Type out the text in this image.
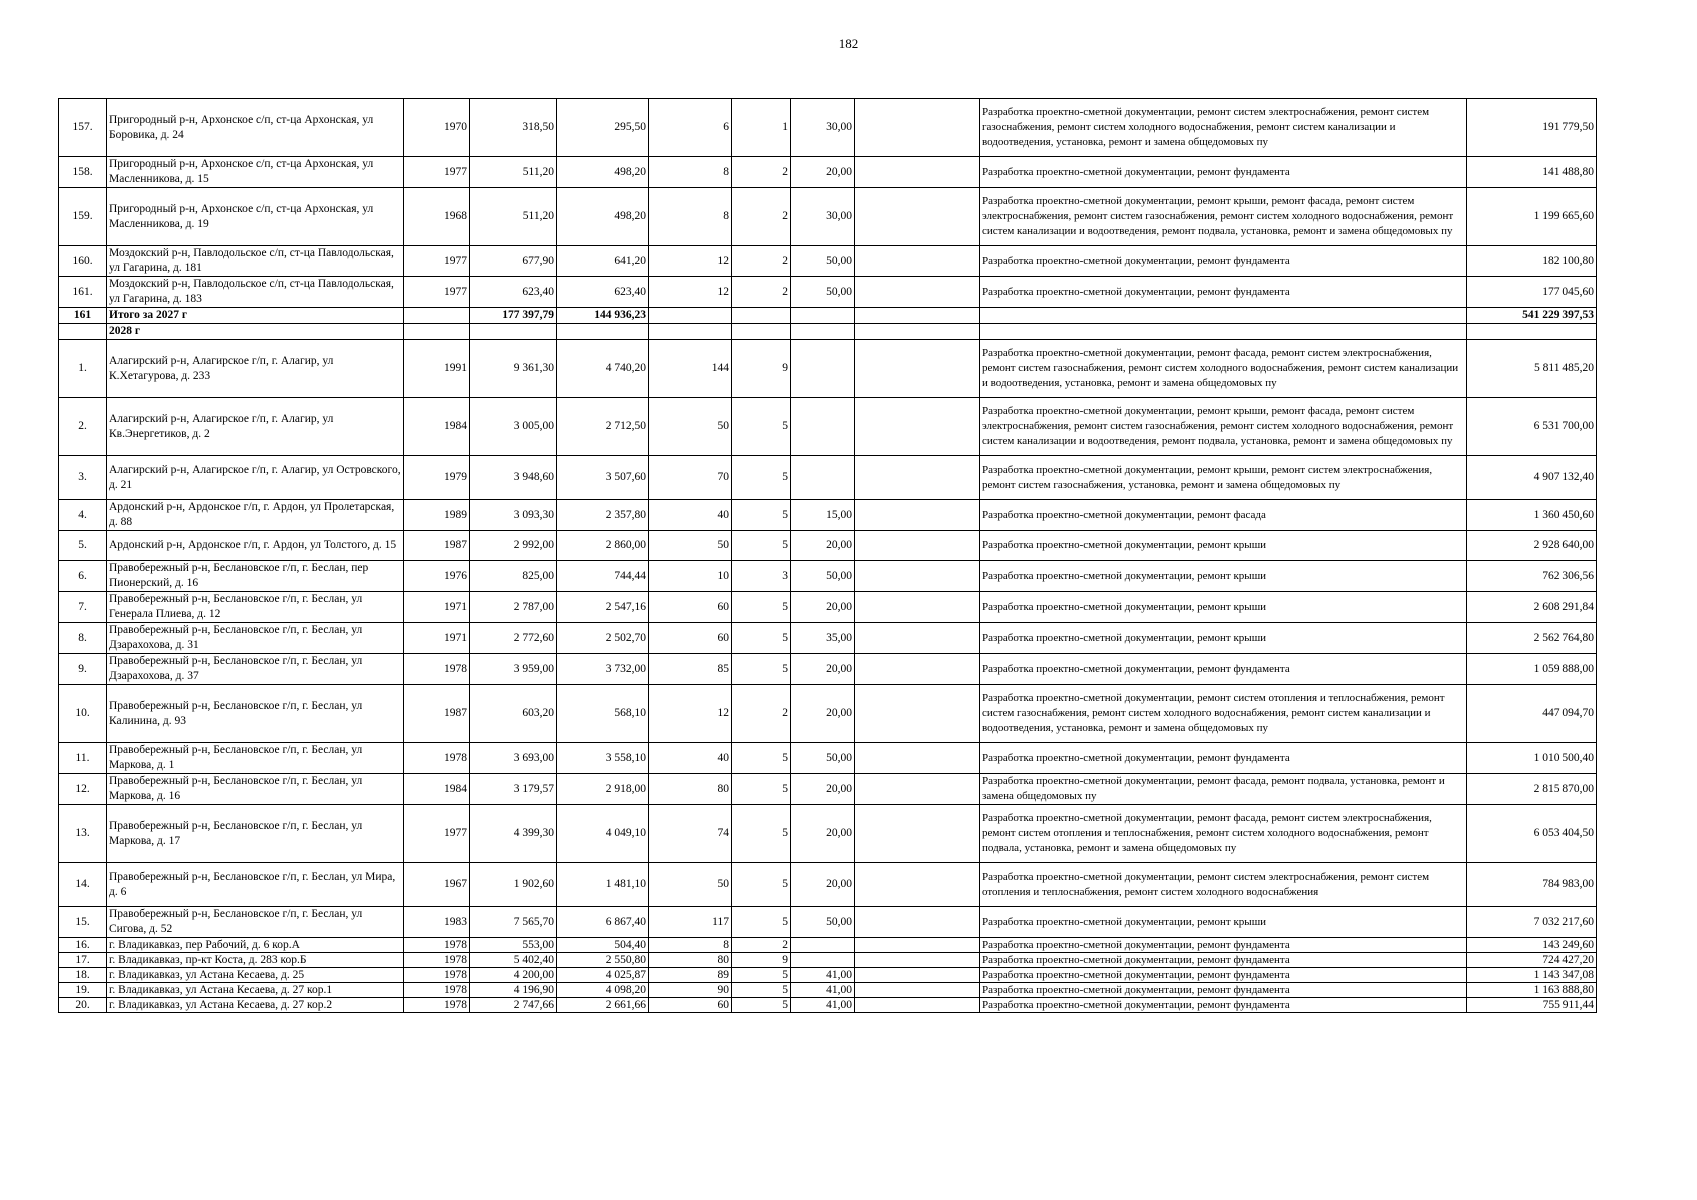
182
157.	Пригородный р-н, Архонское с/п, ст-ца Архонская, ул Боровика, д. 24	1970	318,50	295,50	6	1	30,00		Разработка проектно-сметной документации, ремонт систем электроснабжения, ремонт систем газоснабжения, ремонт систем холодного водоснабжения, ремонт систем канализации и водоотведения, установка, ремонт и замена общедомовых пу	191 779,50
158.	Пригородный р-н, Архонское с/п, ст-ца Архонская, ул Масленникова, д. 15	1977	511,20	498,20	8	2	20,00		Разработка проектно-сметной документации, ремонт фундамента	141 488,80
159.	Пригородный р-н, Архонское с/п, ст-ца Архонская, ул Масленникова, д. 19	1968	511,20	498,20	8	2	30,00		Разработка проектно-сметной документации, ремонт крыши, ремонт фасада, ремонт систем электроснабжения, ремонт систем газоснабжения, ремонт систем холодного водоснабжения, ремонт систем канализации и водоотведения, ремонт подвала, установка, ремонт и замена общедомовых пу	1 199 665,60
160.	Моздокский р-н, Павлодольское с/п, ст-ца Павлодольская, ул Гагарина, д. 181	1977	677,90	641,20	12	2	50,00		Разработка проектно-сметной документации, ремонт фундамента	182 100,80
161.	Моздокский р-н, Павлодольское с/п, ст-ца Павлодольская, ул Гагарина, д. 183	1977	623,40	623,40	12	2	50,00		Разработка проектно-сметной документации, ремонт фундамента	177 045,60
161	Итого за 2027 г		177 397,79	144 936,23						541 229 397,53
	2028 г									
1.	Алагирский р-н, Алагирское г/п, г. Алагир, ул К.Хетагурова, д. 233	1991	9 361,30	4 740,20	144	9			Разработка проектно-сметной документации, ремонт фасада, ремонт систем электроснабжения, ремонт систем газоснабжения, ремонт систем холодного водоснабжения, ремонт систем канализации и водоотведения, установка, ремонт и замена общедомовых пу	5 811 485,20
2.	Алагирский р-н, Алагирское г/п, г. Алагир, ул Кв.Энергетиков, д. 2	1984	3 005,00	2 712,50	50	5			Разработка проектно-сметной документации, ремонт крыши, ремонт фасада, ремонт систем электроснабжения, ремонт систем газоснабжения, ремонт систем холодного водоснабжения, ремонт систем канализации и водоотведения, ремонт подвала, установка, ремонт и замена общедомовых пу	6 531 700,00
3.	Алагирский р-н, Алагирское г/п, г. Алагир, ул Островского, д. 21	1979	3 948,60	3 507,60	70	5			Разработка проектно-сметной документации, ремонт крыши, ремонт систем электроснабжения, ремонт систем газоснабжения, установка, ремонт и замена общедомовых пу	4 907 132,40
4.	Ардонский р-н, Ардонское г/п, г. Ардон, ул Пролетарская, д. 88	1989	3 093,30	2 357,80	40	5	15,00		Разработка проектно-сметной документации, ремонт фасада	1 360 450,60
5.	Ардонский р-н, Ардонское г/п, г. Ардон, ул Толстого, д. 15	1987	2 992,00	2 860,00	50	5	20,00		Разработка проектно-сметной документации, ремонт крыши	2 928 640,00
6.	Правобережный р-н, Беслановское г/п, г. Беслан, пер Пионерский, д. 16	1976	825,00	744,44	10	3	50,00		Разработка проектно-сметной документации, ремонт крыши	762 306,56
7.	Правобережный р-н, Беслановское г/п, г. Беслан, ул Генерала Плиева, д. 12	1971	2 787,00	2 547,16	60	5	20,00		Разработка проектно-сметной документации, ремонт крыши	2 608 291,84
8.	Правобережный р-н, Беслановское г/п, г. Беслан, ул Дзарахохова, д. 31	1971	2 772,60	2 502,70	60	5	35,00		Разработка проектно-сметной документации, ремонт крыши	2 562 764,80
9.	Правобережный р-н, Беслановское г/п, г. Беслан, ул Дзарахохова, д. 37	1978	3 959,00	3 732,00	85	5	20,00		Разработка проектно-сметной документации, ремонт фундамента	1 059 888,00
10.	Правобережный р-н, Беслановское г/п, г. Беслан, ул Калинина, д. 93	1987	603,20	568,10	12	2	20,00		Разработка проектно-сметной документации, ремонт систем отопления и теплоснабжения, ремонт систем газоснабжения, ремонт систем холодного водоснабжения, ремонт систем канализации и водоотведения, установка, ремонт и замена общедомовых пу	447 094,70
11.	Правобережный р-н, Беслановское г/п, г. Беслан, ул Маркова, д. 1	1978	3 693,00	3 558,10	40	5	50,00		Разработка проектно-сметной документации, ремонт фундамента	1 010 500,40
12.	Правобережный р-н, Беслановское г/п, г. Беслан, ул Маркова, д. 16	1984	3 179,57	2 918,00	80	5	20,00		Разработка проектно-сметной документации, ремонт фасада, ремонт подвала, установка, ремонт и замена общедомовых пу	2 815 870,00
13.	Правобережный р-н, Беслановское г/п, г. Беслан, ул Маркова, д. 17	1977	4 399,30	4 049,10	74	5	20,00		Разработка проектно-сметной документации, ремонт фасада, ремонт систем электроснабжения, ремонт систем отопления и теплоснабжения, ремонт систем холодного водоснабжения, ремонт подвала, установка, ремонт и замена общедомовых пу	6 053 404,50
14.	Правобережный р-н, Беслановское г/п, г. Беслан, ул Мира, д. 6	1967	1 902,60	1 481,10	50	5	20,00		Разработка проектно-сметной документации, ремонт систем электроснабжения, ремонт систем отопления и теплоснабжения, ремонт систем холодного водоснабжения	784 983,00
15.	Правобережный р-н, Беслановское г/п, г. Беслан, ул Сигова, д. 52	1983	7 565,70	6 867,40	117	5	50,00		Разработка проектно-сметной документации, ремонт крыши	7 032 217,60
16.	г. Владикавказ, пер Рабочий, д. 6 кор.А	1978	553,00	504,40	8	2			Разработка проектно-сметной документации, ремонт фундамента	143 249,60
17.	г. Владикавказ, пр-кт Коста, д. 283 кор.Б	1978	5 402,40	2 550,80	80	9			Разработка проектно-сметной документации, ремонт фундамента	724 427,20
18.	г. Владикавказ, ул Астана Кесаева, д. 25	1978	4 200,00	4 025,87	89	5	41,00		Разработка проектно-сметной документации, ремонт фундамента	1 143 347,08
19.	г. Владикавказ, ул Астана Кесаева, д. 27 кор.1	1978	4 196,90	4 098,20	90	5	41,00		Разработка проектно-сметной документации, ремонт фундамента	1 163 888,80
20.	г. Владикавказ, ул Астана Кесаева, д. 27 кор.2	1978	2 747,66	2 661,66	60	5	41,00		Разработка проектно-сметной документации, ремонт фундамента	755 911,44
